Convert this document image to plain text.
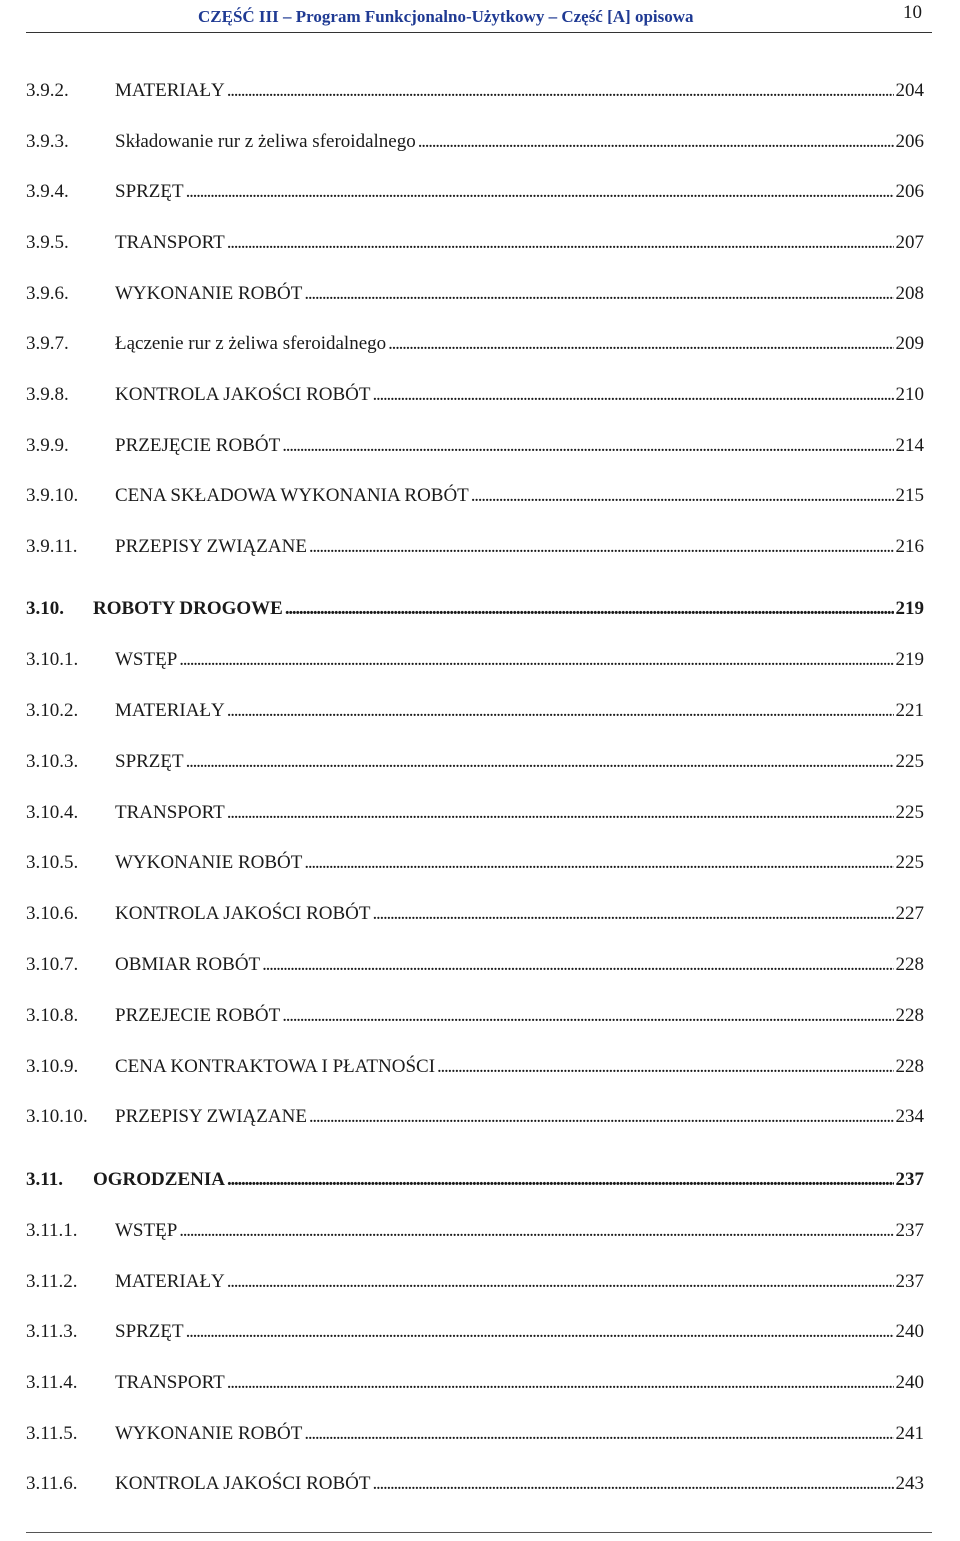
CZĘŚĆ III – Program Funkcjonalno-Użytkowy – Część [A] opisowa	10
3.9.2.	MATERIAŁY . . .	204
3.9.3.	Składowanie rur z żeliwa sferoidalnego . . .	206
3.9.4.	SPRZĘT . . .	206
3.9.5.	TRANSPORT . . .	207
3.9.6.	WYKONANIE ROBÓT . . .	208
3.9.7.	Łączenie rur z żeliwa sferoidalnego . . .	209
3.9.8.	KONTROLA JAKOŚCI ROBÓT . . .	210
3.9.9.	PRZEJĘCIE ROBÓT . . .	214
3.9.10.	CENA SKŁADOWA WYKONANIA ROBÓT . . .	215
3.9.11.	PRZEPISY ZWIĄZANE . . .	216
3.10.	ROBOTY DROGOWE . . .	219
3.10.1.	WSTĘP . . .	219
3.10.2.	MATERIAŁY . . .	221
3.10.3.	SPRZĘT . . .	225
3.10.4.	TRANSPORT . . .	225
3.10.5.	WYKONANIE ROBÓT . . .	225
3.10.6.	KONTROLA JAKOŚCI ROBÓT . . .	227
3.10.7.	OBMIAR ROBÓT . . .	228
3.10.8.	PRZEJECIE ROBÓT . . .	228
3.10.9.	CENA KONTRAKTOWA I PŁATNOŚCI . . .	228
3.10.10.	PRZEPISY ZWIĄZANE . . .	234
3.11.	OGRODZENIA . . .	237
3.11.1.	WSTĘP . . .	237
3.11.2.	MATERIAŁY . . .	237
3.11.3.	SPRZĘT . . .	240
3.11.4.	TRANSPORT . . .	240
3.11.5.	WYKONANIE ROBÓT . . .	241
3.11.6.	KONTROLA JAKOŚCI ROBÓT . . .	243
